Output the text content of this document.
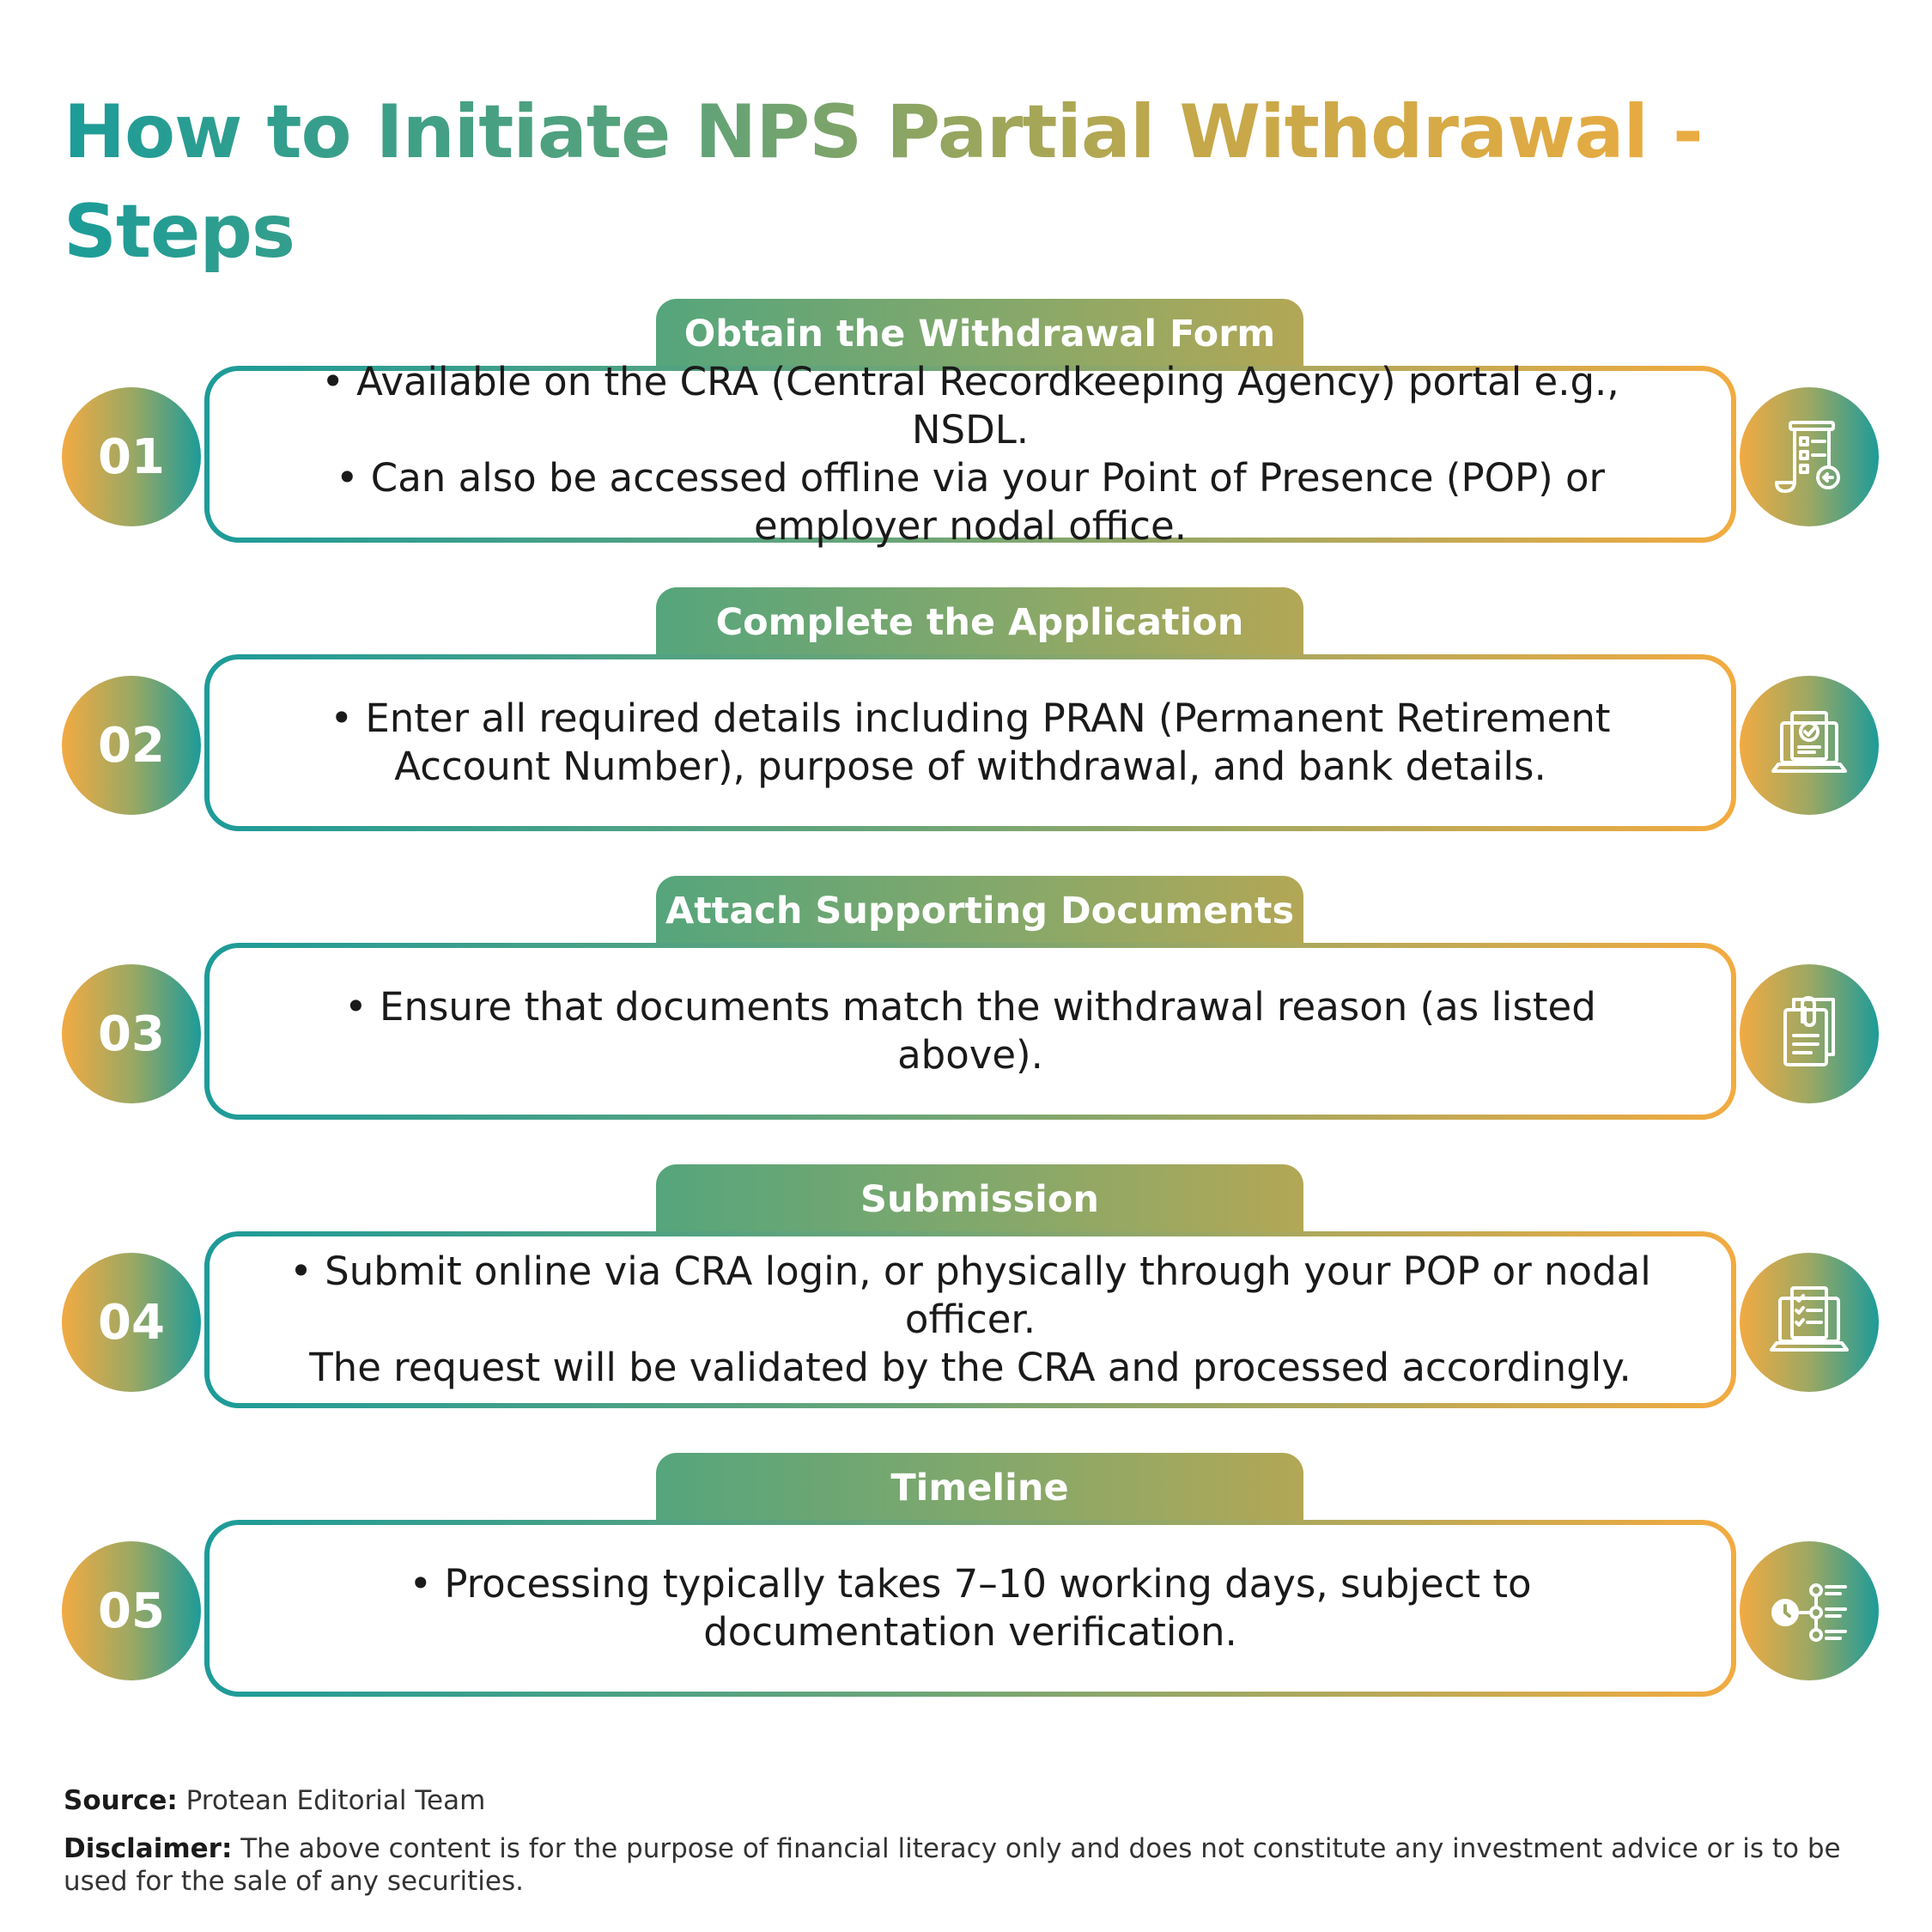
How to Initiate NPS Partial Withdrawal - Steps
Obtain the Withdrawal Form

• Available on the CRA (Central Recordkeeping Agency) portal e.g., NSDL.

• Can also be accessed offline via your Point of Presence (POP) or

employer nodal office.

01
Complete the Application

• Enter all required details including PRAN (Permanent Retirement

Account Number), purpose of withdrawal, and bank details.

02
Attach Supporting Documents

• Ensure that documents match the withdrawal reason (as listed above).

03
Submission

• Submit online via CRA login, or physically through your POP or nodal officer.

The request will be validated by the CRA and processed accordingly.

04
Timeline

• Processing typically takes 7–10 working days, subject to

documentation verification.

05
Source: Protean Editorial Team
Disclaimer: The above content is for the purpose of financial literacy only and does not constitute any investment advice or is to be used for the sale of any securities.
